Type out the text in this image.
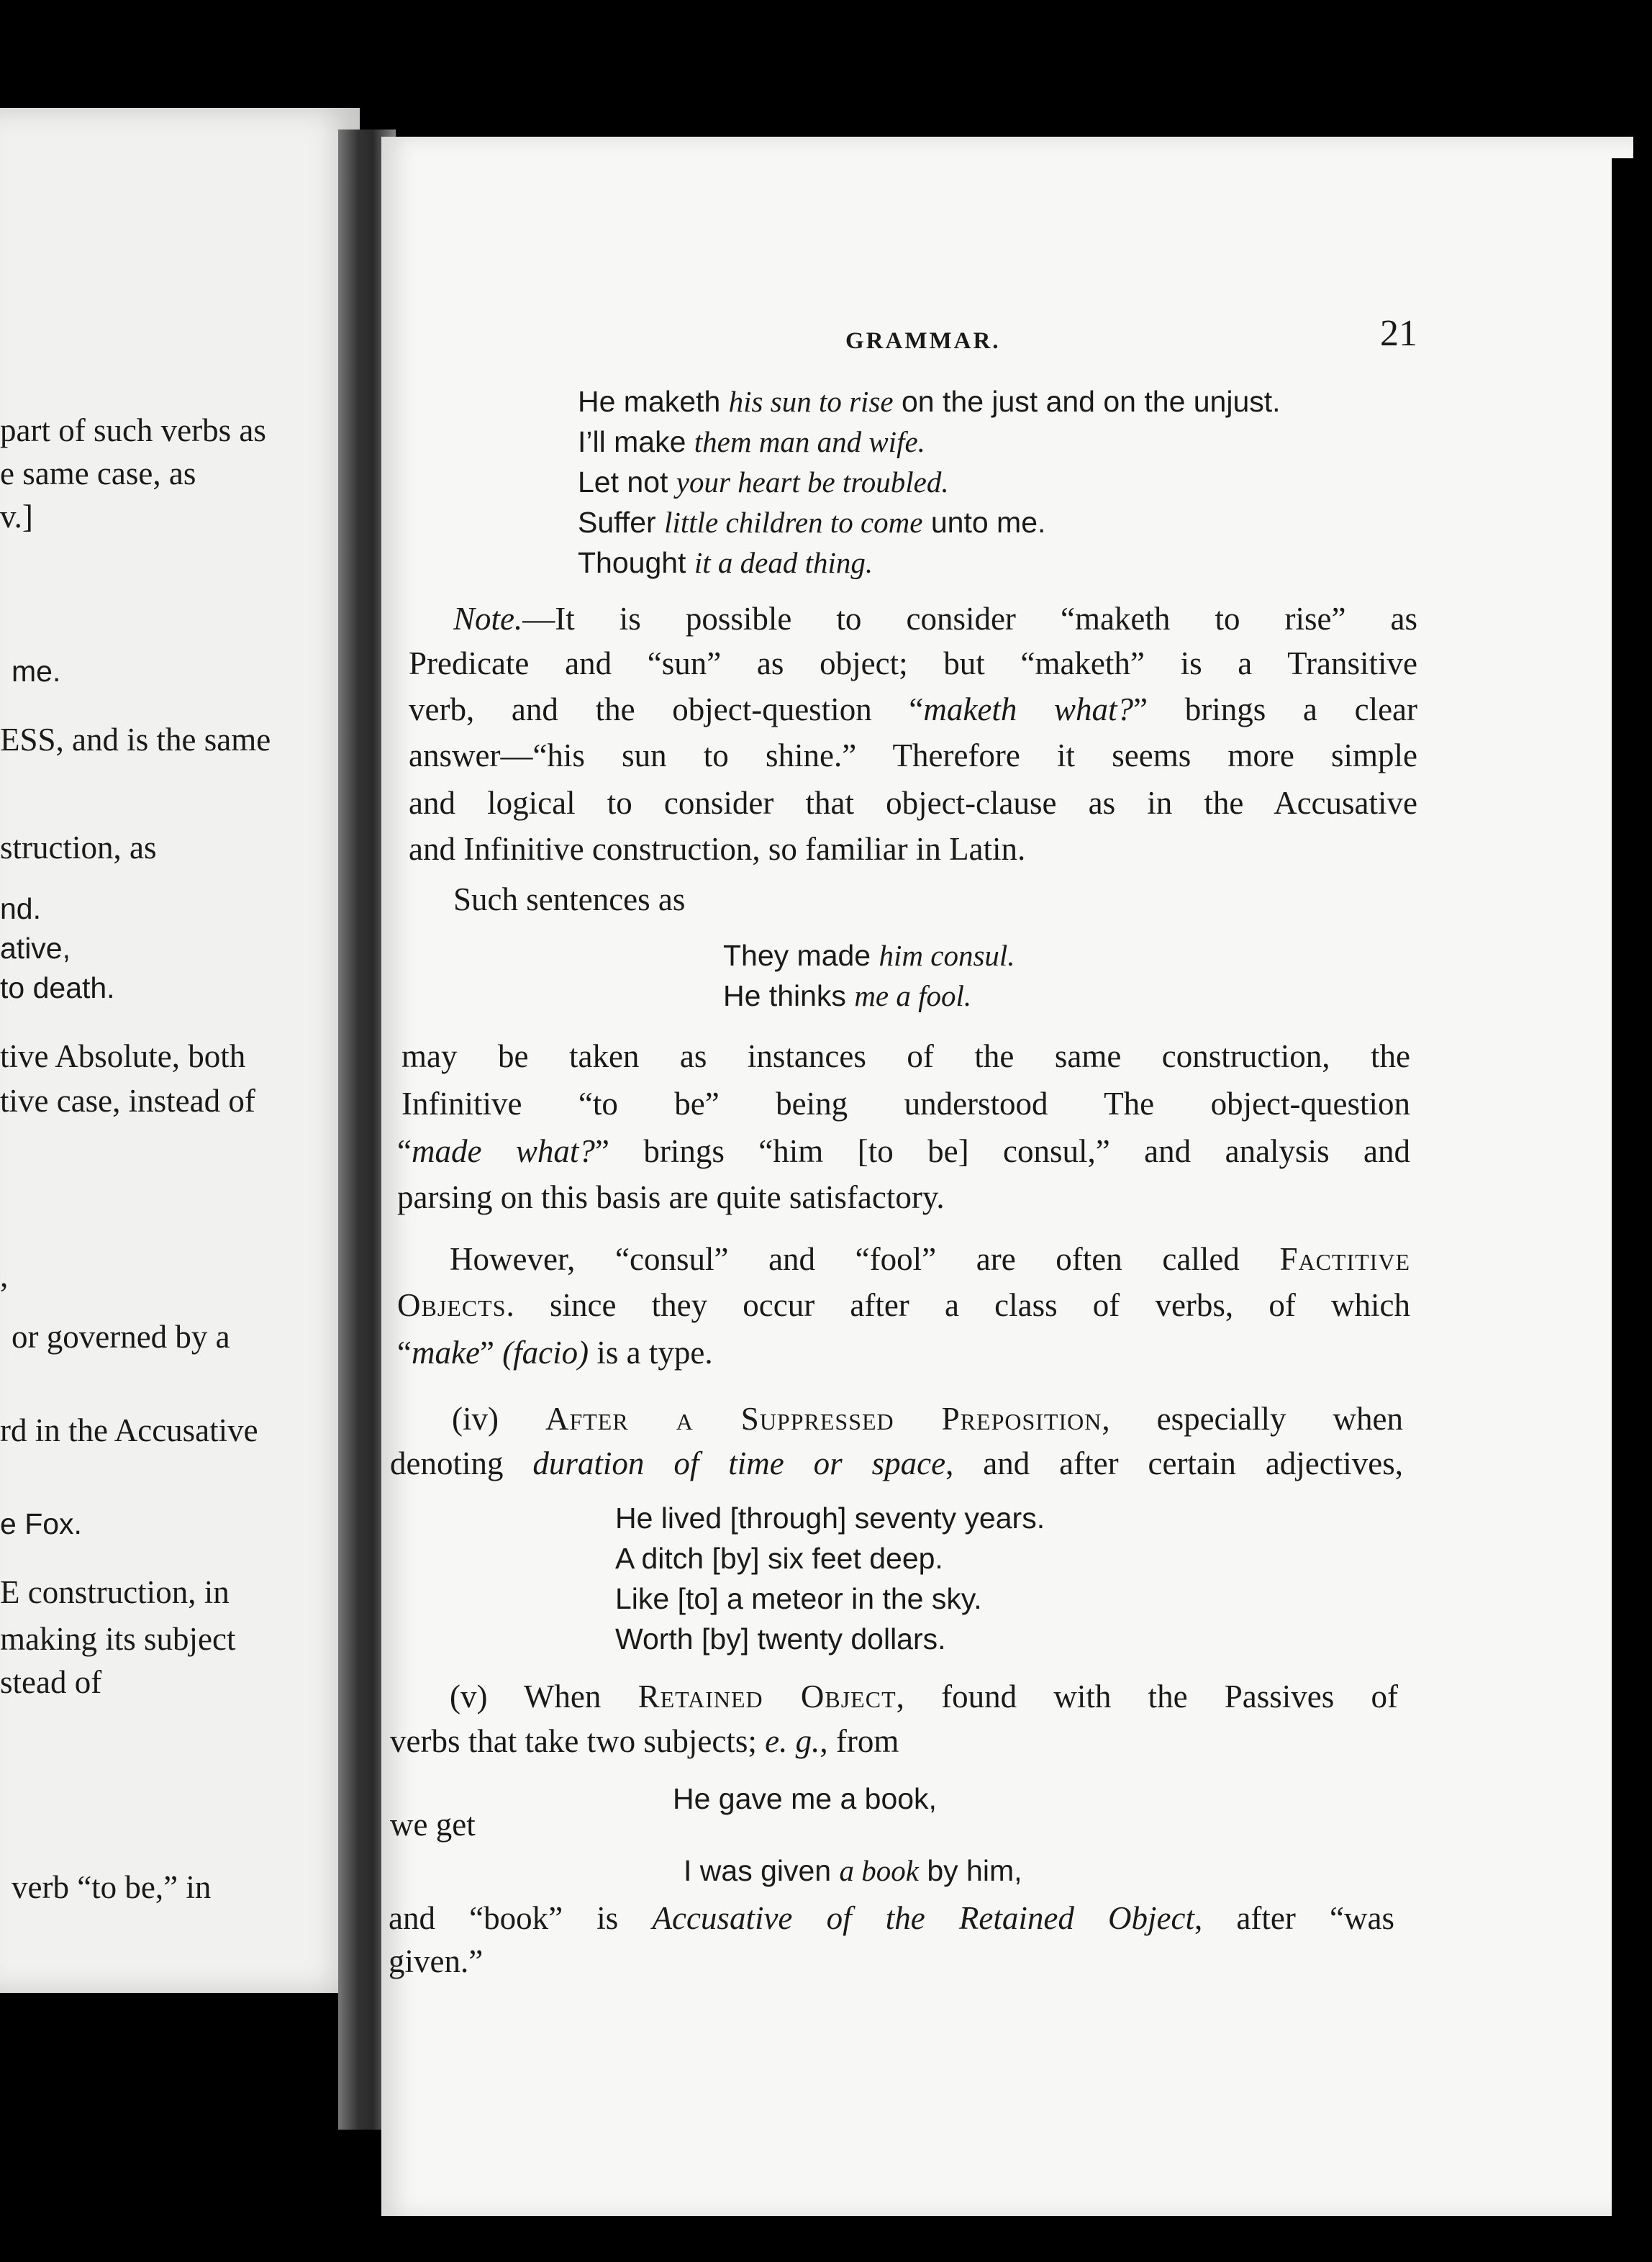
part of such verbs as
e same case, as
v.]
me.
ESS, and is the same
struction, as
nd.
ative,
to death.
tive Absolute, both
tive case, instead of
,
or governed by a
rd in the Accusative
e Fox.
E construction, in
making its subject
stead of
verb “to be,” in
GRAMMAR.	21
He maketh his sun to rise on the just and on the unjust.
I’ll make them man and wife.
Let not your heart be troubled.
Suffer little children to come unto me.
Thought it a dead thing.
Note.—It is possible to consider “maketh to rise” as
Predicate and “sun” as object; but “maketh” is a Transitive
verb, and the object-question “maketh what?” brings a clear
answer—“his sun to shine.” Therefore it seems more simple
and logical to consider that object-clause as in the Accusative
and Infinitive construction, so familiar in Latin.
Such sentences as
They made him consul.
He thinks me a fool.
may be taken as instances of the same construction, the
Infinitive “to be” being understood The object-question
“made what?” brings “him [to be] consul,” and analysis and
parsing on this basis are quite satisfactory.
However, “consul” and “fool” are often called Factitive
Objects. since they occur after a class of verbs, of which
“make” (facio) is a type.
(iv) After a Suppressed Preposition, especially when
denoting duration of time or space, and after certain adjectives,
He lived [through] seventy years.
A ditch [by] six feet deep.
Like [to] a meteor in the sky.
Worth [by] twenty dollars.
(v) When Retained Object, found with the Passives of
verbs that take two subjects; e. g., from
He gave me a book,
we get
I was given a book by him,
and “book” is Accusative of the Retained Object, after “was
given.”
